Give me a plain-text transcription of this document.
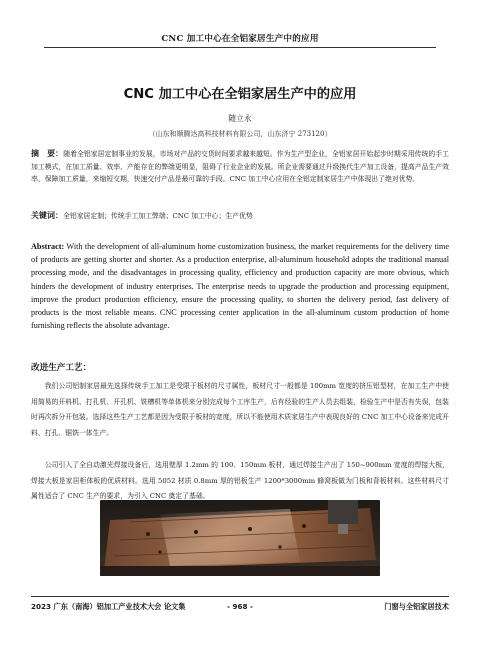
CNC 加工中心在全铝家居生产中的应用
CNC 加工中心在全铝家居生产中的应用
随立永
（山东和顺腾达高科技材料有限公司，山东济宁 273120）
摘　要：随着全铝家居定制事业的发展，市场对产品的交货时间要求越来越短。作为生产型企业，全铝家居开始起步时期采用传统的手工加工模式，在加工质量、效率、产能存在的弊端更明显，阻碍了行业企业的发展。所企业需要通过升级换代生产加工设备，提高产品生产效率，保障加工质量，来缩短交期，快速交付产品是最可靠的手段。CNC 加工中心应用在全铝定制家居生产中体现出了绝对优势。
关键词：全铝家居定制；传统手工加工弊端；CNC 加工中心；生产优势
Abstract: With the development of all-aluminum home customization business, the market requirements for the delivery time of products are getting shorter and shorter. As a production enterprise, all-aluminum household adopts the traditional manual processing mode, and the disadvantages in processing quality, efficiency and production capacity are more obvious, which hinders the development of industry enterprises. The enterprise needs to upgrade the production and processing equipment, improve the product production efficiency, ensure the processing quality, to shorten the delivery period, fast delivery of products is the most reliable means. CNC processing center application in the all-aluminum custom production of home furnishing reflects the absolute advantage.
改进生产工艺：
我们公司铝制家居最先选择传统手工加工是受限于板材的尺寸属性，板材尺寸一般都是 100mm 宽度的挤压铝型材，在加工生产中使用简易的开料机、打孔机、开孔机、铣槽机等单体机来分别完成每个工序生产，后有经验的生产人员去组装，检验生产中是否有失误，包装时再次拆分开包装。选择这些生产工艺都是因为受限于板材的宽度，所以不能使用木质家居生产中表现良好的 CNC 加工中心设备来完成开料、打孔、锯铣一体生产。
公司引入了全自动激光焊接设备后，选用壁厚 1.2mm 的 100、150mm 板材，通过焊接生产出了 150~900mm 宽度的焊接大板，焊接大板是家居柜体板的优质材料。选用 5052 材质 0.8mm 厚的铝板生产 1200*3000mm 蜂窝板做为门板和背板材料。这些材料尺寸属性适合了 CNC 生产的要求，为引入 CNC 奠定了基础。
2023 广东（南海）铝加工产业技术大会 论文集	- 968 -	门窗与全铝家居技术
